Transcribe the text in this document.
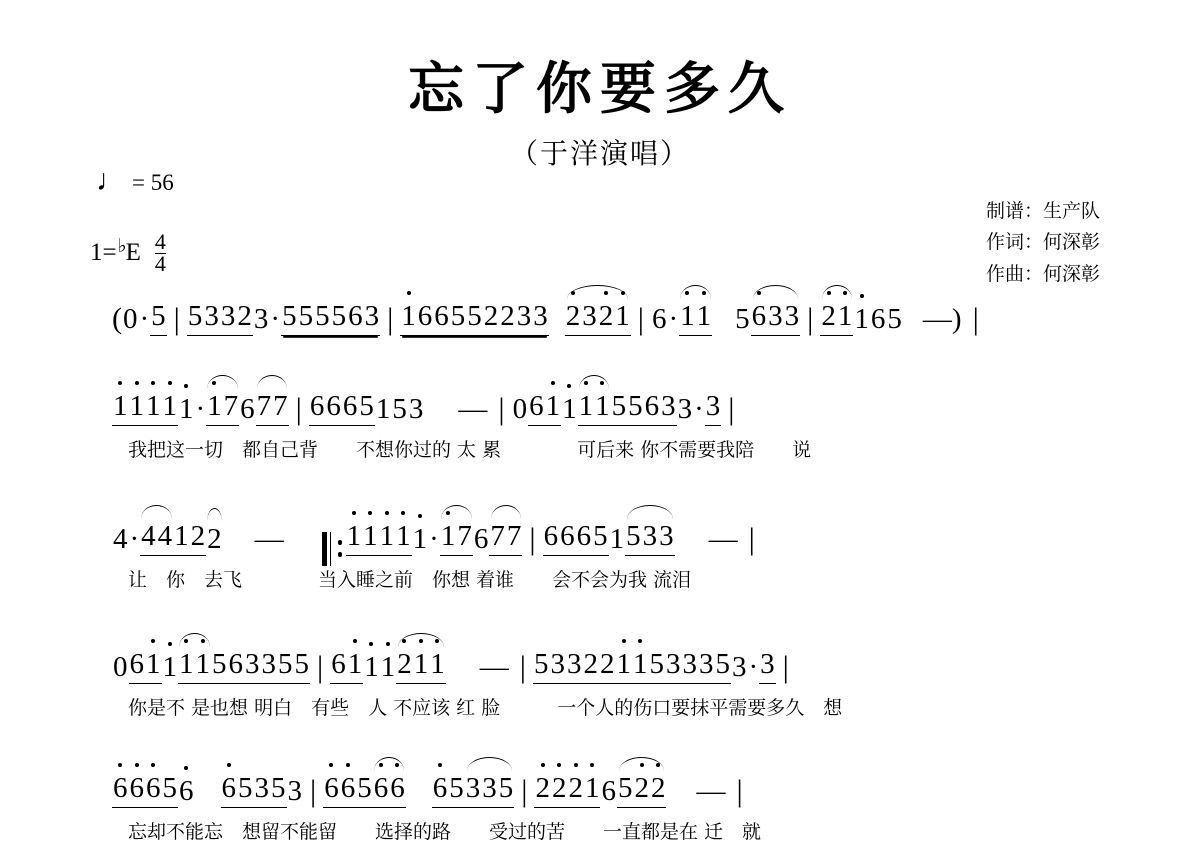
忘了你要多久
（于洋演唱）
♩ = 56
1= ♭ E $\frac{4}{4}$
制谱：生产队
作词：何深彰
作曲：何深彰
( 0 · 5 | 5332 3 · 555563 | 166552233 2321 | 6 · 11 5 633 | 21 1 6 5 —) |
1111 1 · 17 6 77 | 6665 1 5 3 — | 0 61 1 11 5563 3 · 3 |
我把这一切　都自己背　　不想你过的 太 累　　　　可后来 你不需要我陪　　说
4 · 44 12 2 — 1111 1 · 17 6 77 | 6665 1 533 — |
让　你　去飞　　　　当入睡之前　你想 着谁　　会不会为我 流泪
0 61 1 11 5633 55 | 61 1 1 211 — | 533221153335 3 · 3 |
你是不 是也想 明白　有些　人 不应该 红 脸　　　一个人的伤口要抹平需要多久　想
6665 6 6535 3 | 665 66 65 335 | 2221 6 522 — |
忘却不能忘　想留不能留　　选择的路　　受过的苦　　一直都是在 迁　就
